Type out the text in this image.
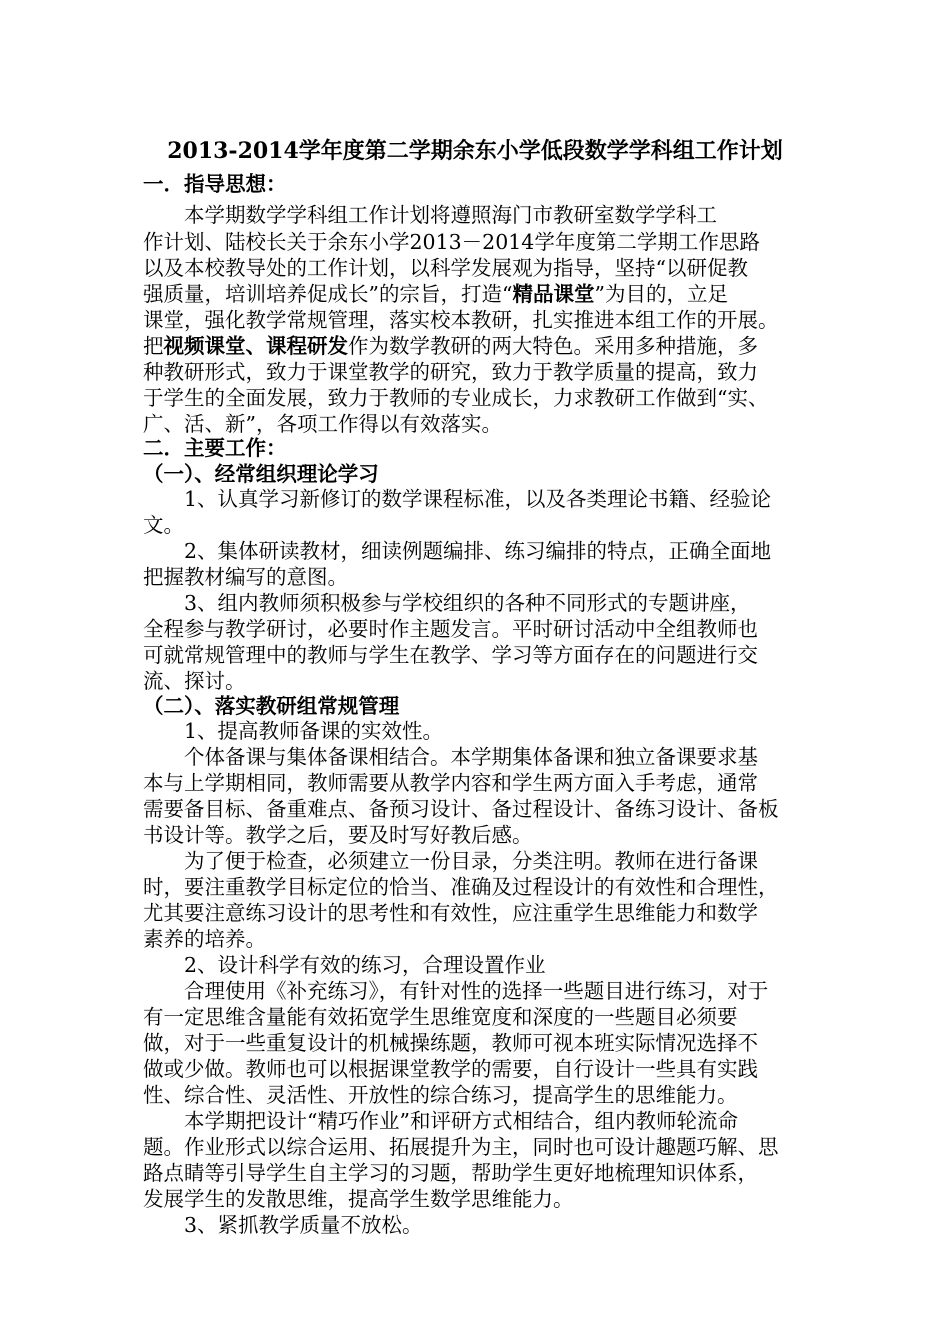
2013-2014学年度第二学期余东小学低段数学学科组工作计划
一．指导思想：
　　本学期数学学科组工作计划将遵照海门市教研室数学学科工
作计划、陆校长关于余东小学2013－2014学年度第二学期工作思路
以及本校教导处的工作计划，以科学发展观为指导，坚持“以研促教
强质量，培训培养促成长”的宗旨，打造“精品课堂”为目的，立足
课堂，强化教学常规管理，落实校本教研，扎实推进本组工作的开展。
把视频课堂、课程研发作为数学教研的两大特色。采用多种措施，多
种教研形式，致力于课堂教学的研究，致力于教学质量的提高，致力
于学生的全面发展，致力于教师的专业成长，力求教研工作做到“实、
广、活、新”，各项工作得以有效落实。
二．主要工作：
（一）、经常组织理论学习
　　1、认真学习新修订的数学课程标准，以及各类理论书籍、经验论
文。
　　2、集体研读教材，细读例题编排、练习编排的特点，正确全面地
把握教材编写的意图。
　　3、组内教师须积极参与学校组织的各种不同形式的专题讲座，
全程参与教学研讨，必要时作主题发言。平时研讨活动中全组教师也
可就常规管理中的教师与学生在教学、学习等方面存在的问题进行交
流、探讨。
（二）、落实教研组常规管理
　　1、提高教师备课的实效性。
　　个体备课与集体备课相结合。本学期集体备课和独立备课要求基
本与上学期相同，教师需要从教学内容和学生两方面入手考虑，通常
需要备目标、备重难点、备预习设计、备过程设计、备练习设计、备板
书设计等。教学之后，要及时写好教后感。
　　为了便于检查，必须建立一份目录，分类注明。教师在进行备课
时，要注重教学目标定位的恰当、准确及过程设计的有效性和合理性，
尤其要注意练习设计的思考性和有效性，应注重学生思维能力和数学
素养的培养。
　　2、设计科学有效的练习，合理设置作业
　　合理使用《补充练习》，有针对性的选择一些题目进行练习，对于
有一定思维含量能有效拓宽学生思维宽度和深度的一些题目必须要
做，对于一些重复设计的机械操练题，教师可视本班实际情况选择不
做或少做。教师也可以根据课堂教学的需要，自行设计一些具有实践
性、综合性、灵活性、开放性的综合练习，提高学生的思维能力。
　　本学期把设计“精巧作业”和评研方式相结合，组内教师轮流命
题。作业形式以综合运用、拓展提升为主，同时也可设计趣题巧解、思
路点睛等引导学生自主学习的习题，帮助学生更好地梳理知识体系，
发展学生的发散思维，提高学生数学思维能力。
　　3、紧抓教学质量不放松。
